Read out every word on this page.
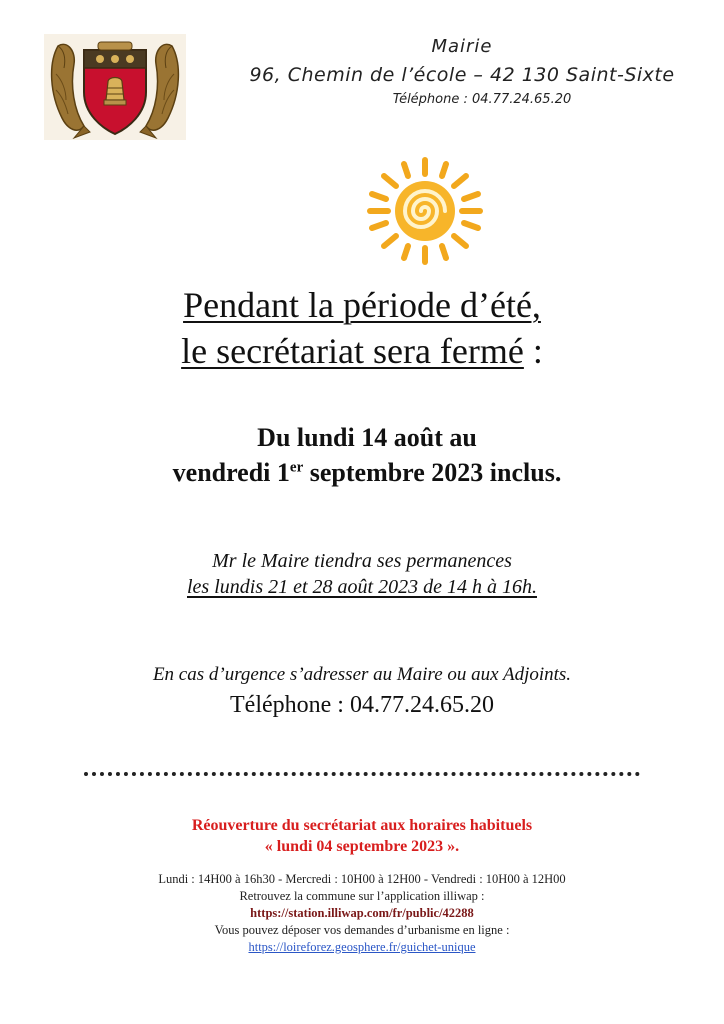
Mairie
96, Chemin de l’école – 42 130 Saint-Sixte
Téléphone : 04.77.24.65.20
Pendant la période d’été,
le secrétariat sera fermé :
Du lundi 14 août au
vendredi 1er septembre 2023 inclus.
Mr le Maire tiendra ses permanences
les lundis 21 et 28 août 2023 de 14 h à 16h.
En cas d’urgence s’adresser au Maire ou aux Adjoints.
Téléphone : 04.77.24.65.20
Réouverture du secrétariat aux horaires habituels
« lundi 04 septembre 2023 ».
Lundi : 14H00 à 16h30 - Mercredi : 10H00 à 12H00 - Vendredi : 10H00 à 12H00
Retrouvez la commune sur l’application illiwap :
https://station.illiwap.com/fr/public/42288
Vous pouvez déposer vos demandes d’urbanisme en ligne :
https://loireforez.geosphere.fr/guichet-unique
